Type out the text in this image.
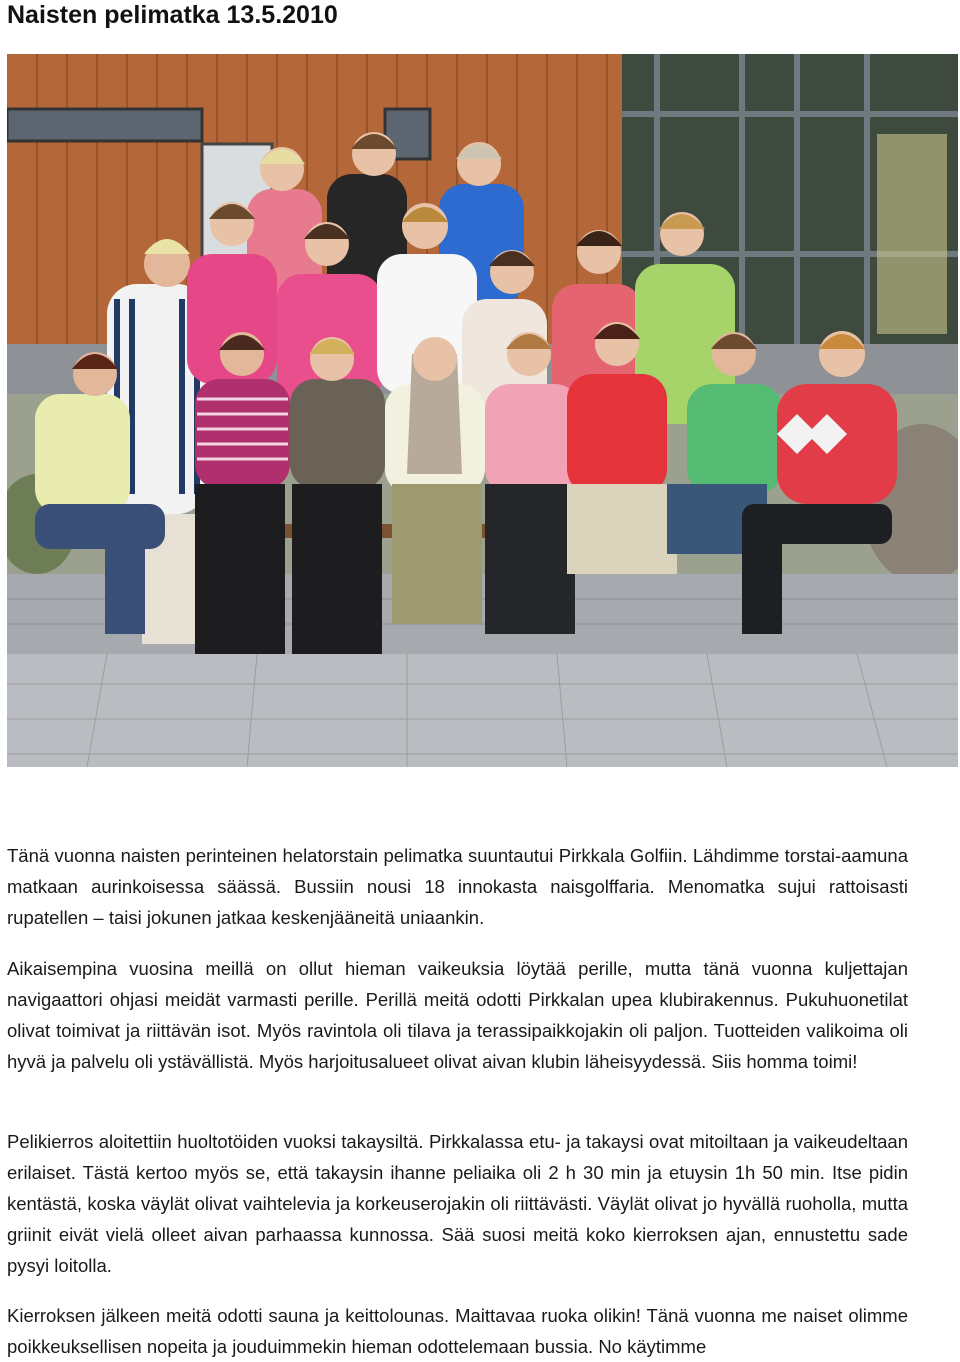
Naisten pelimatka 13.5.2010

Tänä vuonna naisten perinteinen helatorstain pelimatka suuntautui Pirkkala Golfiin. Lähdimme torstai-aamuna matkaan aurinkoisessa säässä. Bussiin nousi 18 innokasta naisgolffaria. Menomatka sujui rattoisasti rupatellen – taisi jokunen jatkaa keskenjääneitä uniaankin.

Aikaisempina vuosina meillä on ollut hieman vaikeuksia löytää perille, mutta tänä vuonna kuljettajan navigaattori ohjasi meidät varmasti perille. Perillä meitä odotti Pirkkalan upea klubirakennus. Pukuhuonetilat olivat toimivat ja riittävän isot. Myös ravintola oli tilava ja terassipaikkojakin oli paljon. Tuotteiden valikoima oli hyvä ja palvelu oli ystävällistä. Myös harjoitusalueet olivat aivan klubin läheisyydessä. Siis homma toimi!

Pelikierros aloitettiin huoltotöiden vuoksi takaysiltä. Pirkkalassa etu- ja takaysi ovat mitoiltaan ja vaikeudeltaan erilaiset. Tästä kertoo myös se, että takaysin ihanne peliaika oli 2 h 30 min ja etuysin 1h 50 min. Itse pidin kentästä, koska väylät olivat vaihtelevia ja korkeuserojakin oli riittävästi. Väylät olivat jo hyvällä ruoholla, mutta griinit eivät vielä olleet aivan parhaassa kunnossa. Sää suosi meitä koko kierroksen ajan, ennustettu sade pysyi loitolla.

Kierroksen jälkeen meitä odotti sauna ja keittolounas. Maittavaa ruoka olikin! Tänä vuonna me naiset olimme poikkeuksellisen nopeita ja jouduimmekin hieman odottelemaan bussia. No käytimme
